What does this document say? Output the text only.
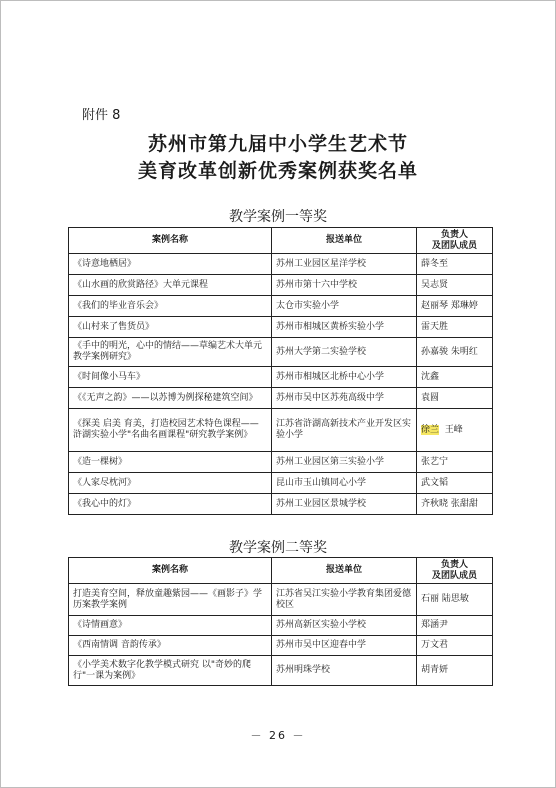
附件 8
苏州市第九届中小学生艺术节
美育改革创新优秀案例获奖名单
教学案例一等奖
案例名称	报送单位	负责人
及团队成员
《诗意地栖居》	苏州工业园区星洋学校	薛冬至
《山水画的欣赏路径》大单元课程	苏州市第十六中学校	吴志贤
《我们的毕业音乐会》	太仓市实验小学	赵丽琴 郑琳婷
《山村来了售货员》	苏州市相城区黄桥实验小学	雷天胜
《手中的明光，心中的情结——草编艺术大单元教学案例研究》	苏州大学第二实验学校	孙嘉骏 朱明红
《时间像小马车》	苏州市相城区北桥中心小学	沈鑫
《《无声之韵》——以苏博为例探秘建筑空间》	苏州市吴中区苏苑高级中学	袁圆
《探美 启美 育美，打造校园艺术特色课程——浒湖实验小学"名曲名画课程"研究教学案例》	江苏省浒湖高新技术产业开发区实验小学	徐兰 王峰
《造一棵树》	苏州工业园区第三实验小学	张艺宁
《人家尽枕河》	昆山市玉山镇同心小学	武文韬
《我心中的灯》	苏州工业园区景城学校	齐秋晓 张甜甜
教学案例二等奖
案例名称	报送单位	负责人
及团队成员
打造美育空间，释放童趣紫园——《画影子》学历案教学案例	江苏省吴江实验小学教育集团爱德校区	石丽 陆思敏
《诗情画意》	苏州高新区实验小学校	郑涵尹
《西南情调 音韵传承》	苏州市吴中区迎春中学	万文君
《小学美术数字化教学模式研究 以"奇妙的爬行"一课为案例》	苏州明珠学校	胡青妍
－ 26 －
